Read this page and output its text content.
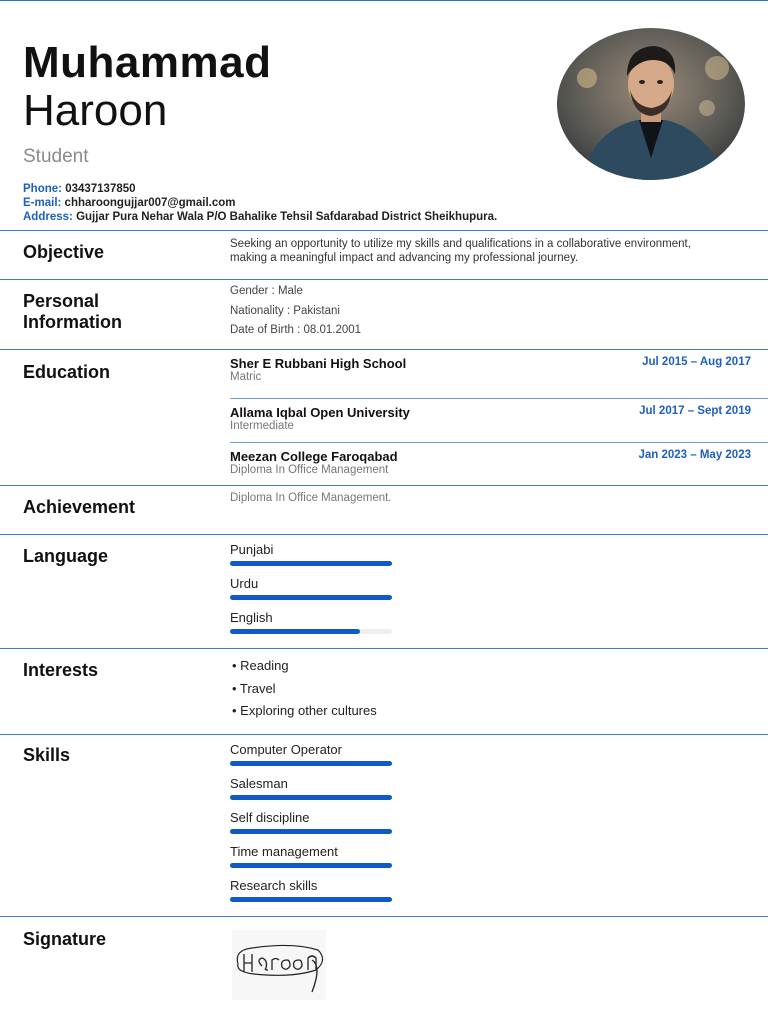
Muhammad
Haroon
Student
Phone: 03437137850
E-mail: chharoongujjar007@gmail.com
Address: Gujjar Pura Nehar Wala P/O Bahalike Tehsil Safdarabad District Sheikhupura.
Objective	Seeking an opportunity to utilize my skills and qualifications in a collaborative environment, making a meaningful impact and advancing my professional journey.
Personal
Information
Gender : Male
Nationality : Pakistani
Date of Birth : 08.01.2001
Education	Sher E Rubbani High School
Matric
Jul 2015 – Aug 2017
Allama Iqbal Open University
Intermediate
Jul 2017 – Sept 2019
Meezan College Faroqabad
Diploma In Office Management
Jan 2023 – May 2023
Achievement	Diploma In Office Management.
Language	Punjabi
Urdu
English
Interests	• Reading
• Travel
• Exploring other cultures
Skills	Computer Operator
Salesman
Self discipline
Time management
Research skills
Signature
